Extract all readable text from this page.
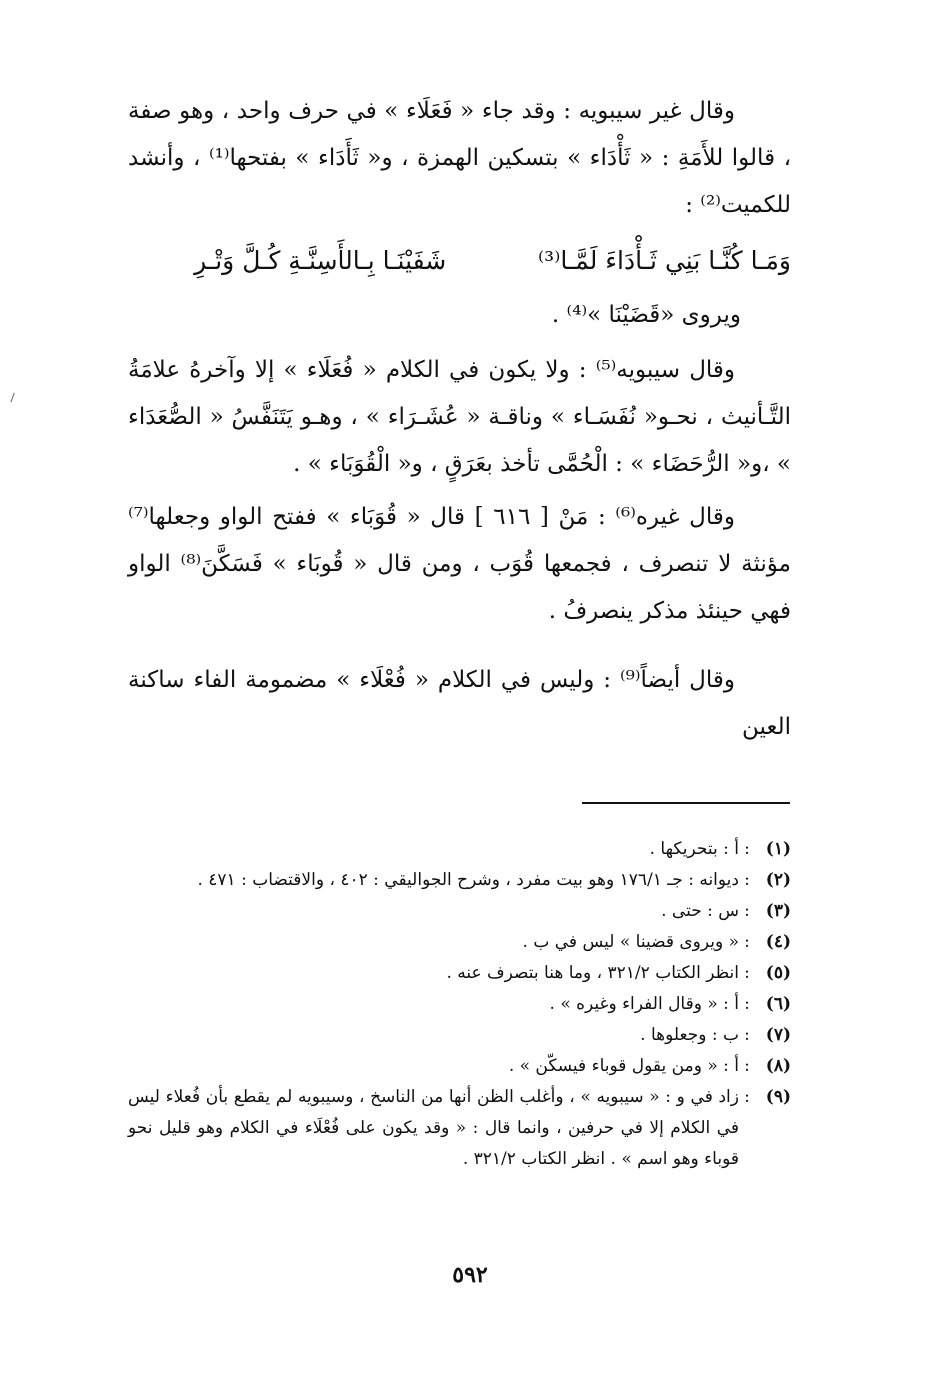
وقال غير سيبويه : وقد جاء « فَعَلَاء » في حرف واحد ، وهو صفة ، قالوا للأَمَةِ : « ثَأْدَاء » بتسكين الهمزة ، و« ثَأَدَاء » بفتحها⁽¹⁾ ، وأنشد للكميت⁽²⁾ :

وَمَـا كُنَّـا بَنِي ثَـأْدَاءَ لَمَّـا⁽³⁾
شَفَيْنَـا بِـالأَسِنَّـةِ كُـلَّ وَتْـرِ

ويروى «قَضَيْنَا »⁽⁴⁾ .

وقال سيبويه⁽⁵⁾ : ولا يكون في الكلام « فُعَلَاء » إلا وآخرهُ علامَةُ التَّـأنيث ، نحـو« نُفَسَـاء » وناقـة « عُشَـرَاء » ، وهـو يَتَنَفَّسُ « الصُّعَدَاء » ،و« الرُّحَضَاء » : الْحُمَّى تأخذ بعَرَقٍ ، و« الْقُوَبَاء » .

وقال غيره⁽⁶⁾ : مَنْ [ ٦١٦ ] قال « قُوَبَاء » ففتح الواو وجعلها⁽⁷⁾ مؤنثة لا تنصرف ، فجمعها قُوَب ، ومن قال « قُوبَاء » فَسَكَّنَ⁽⁸⁾ الواو فهي حينئذ مذكر ينصرفُ .

وقال أيضاً⁽⁹⁾ : وليس في الكلام « فُعْلَاء » مضمومة الفاء ساكنة العين

(١)
:
أ : بتحريكها .
(٢)
:
ديوانه : جـ ١٧٦/١ وهو بيت مفرد ، وشرح الجواليقي : ٤٠٢ ، والاقتضاب : ٤٧١ .
(٣)
:
س : حتى .
(٤)
:
« ويروى قضينا » ليس في ب .
(٥)
:
انظر الكتاب ٣٢١/٢ ، وما هنا بتصرف عنه .
(٦)
:
أ : « وقال الفراء وغيره » .
(٧)
:
ب : وجعلوها .
(٨)
:
أ : « ومن يقول قوباء فيسكّن » .
(٩)
:
زاد في و : « سيبويه » ، وأغلب الظن أنها من الناسخ ، وسيبويه لم يقطع بأن فُعلاء ليس في الكلام إلا في حرفين ، وانما قال : « وقد يكون على فُعْلَاء في الكلام وهو قليل نحو قوباء وهو اسم » . انظر الكتاب ٣٢١/٢ .
٥٩٢
